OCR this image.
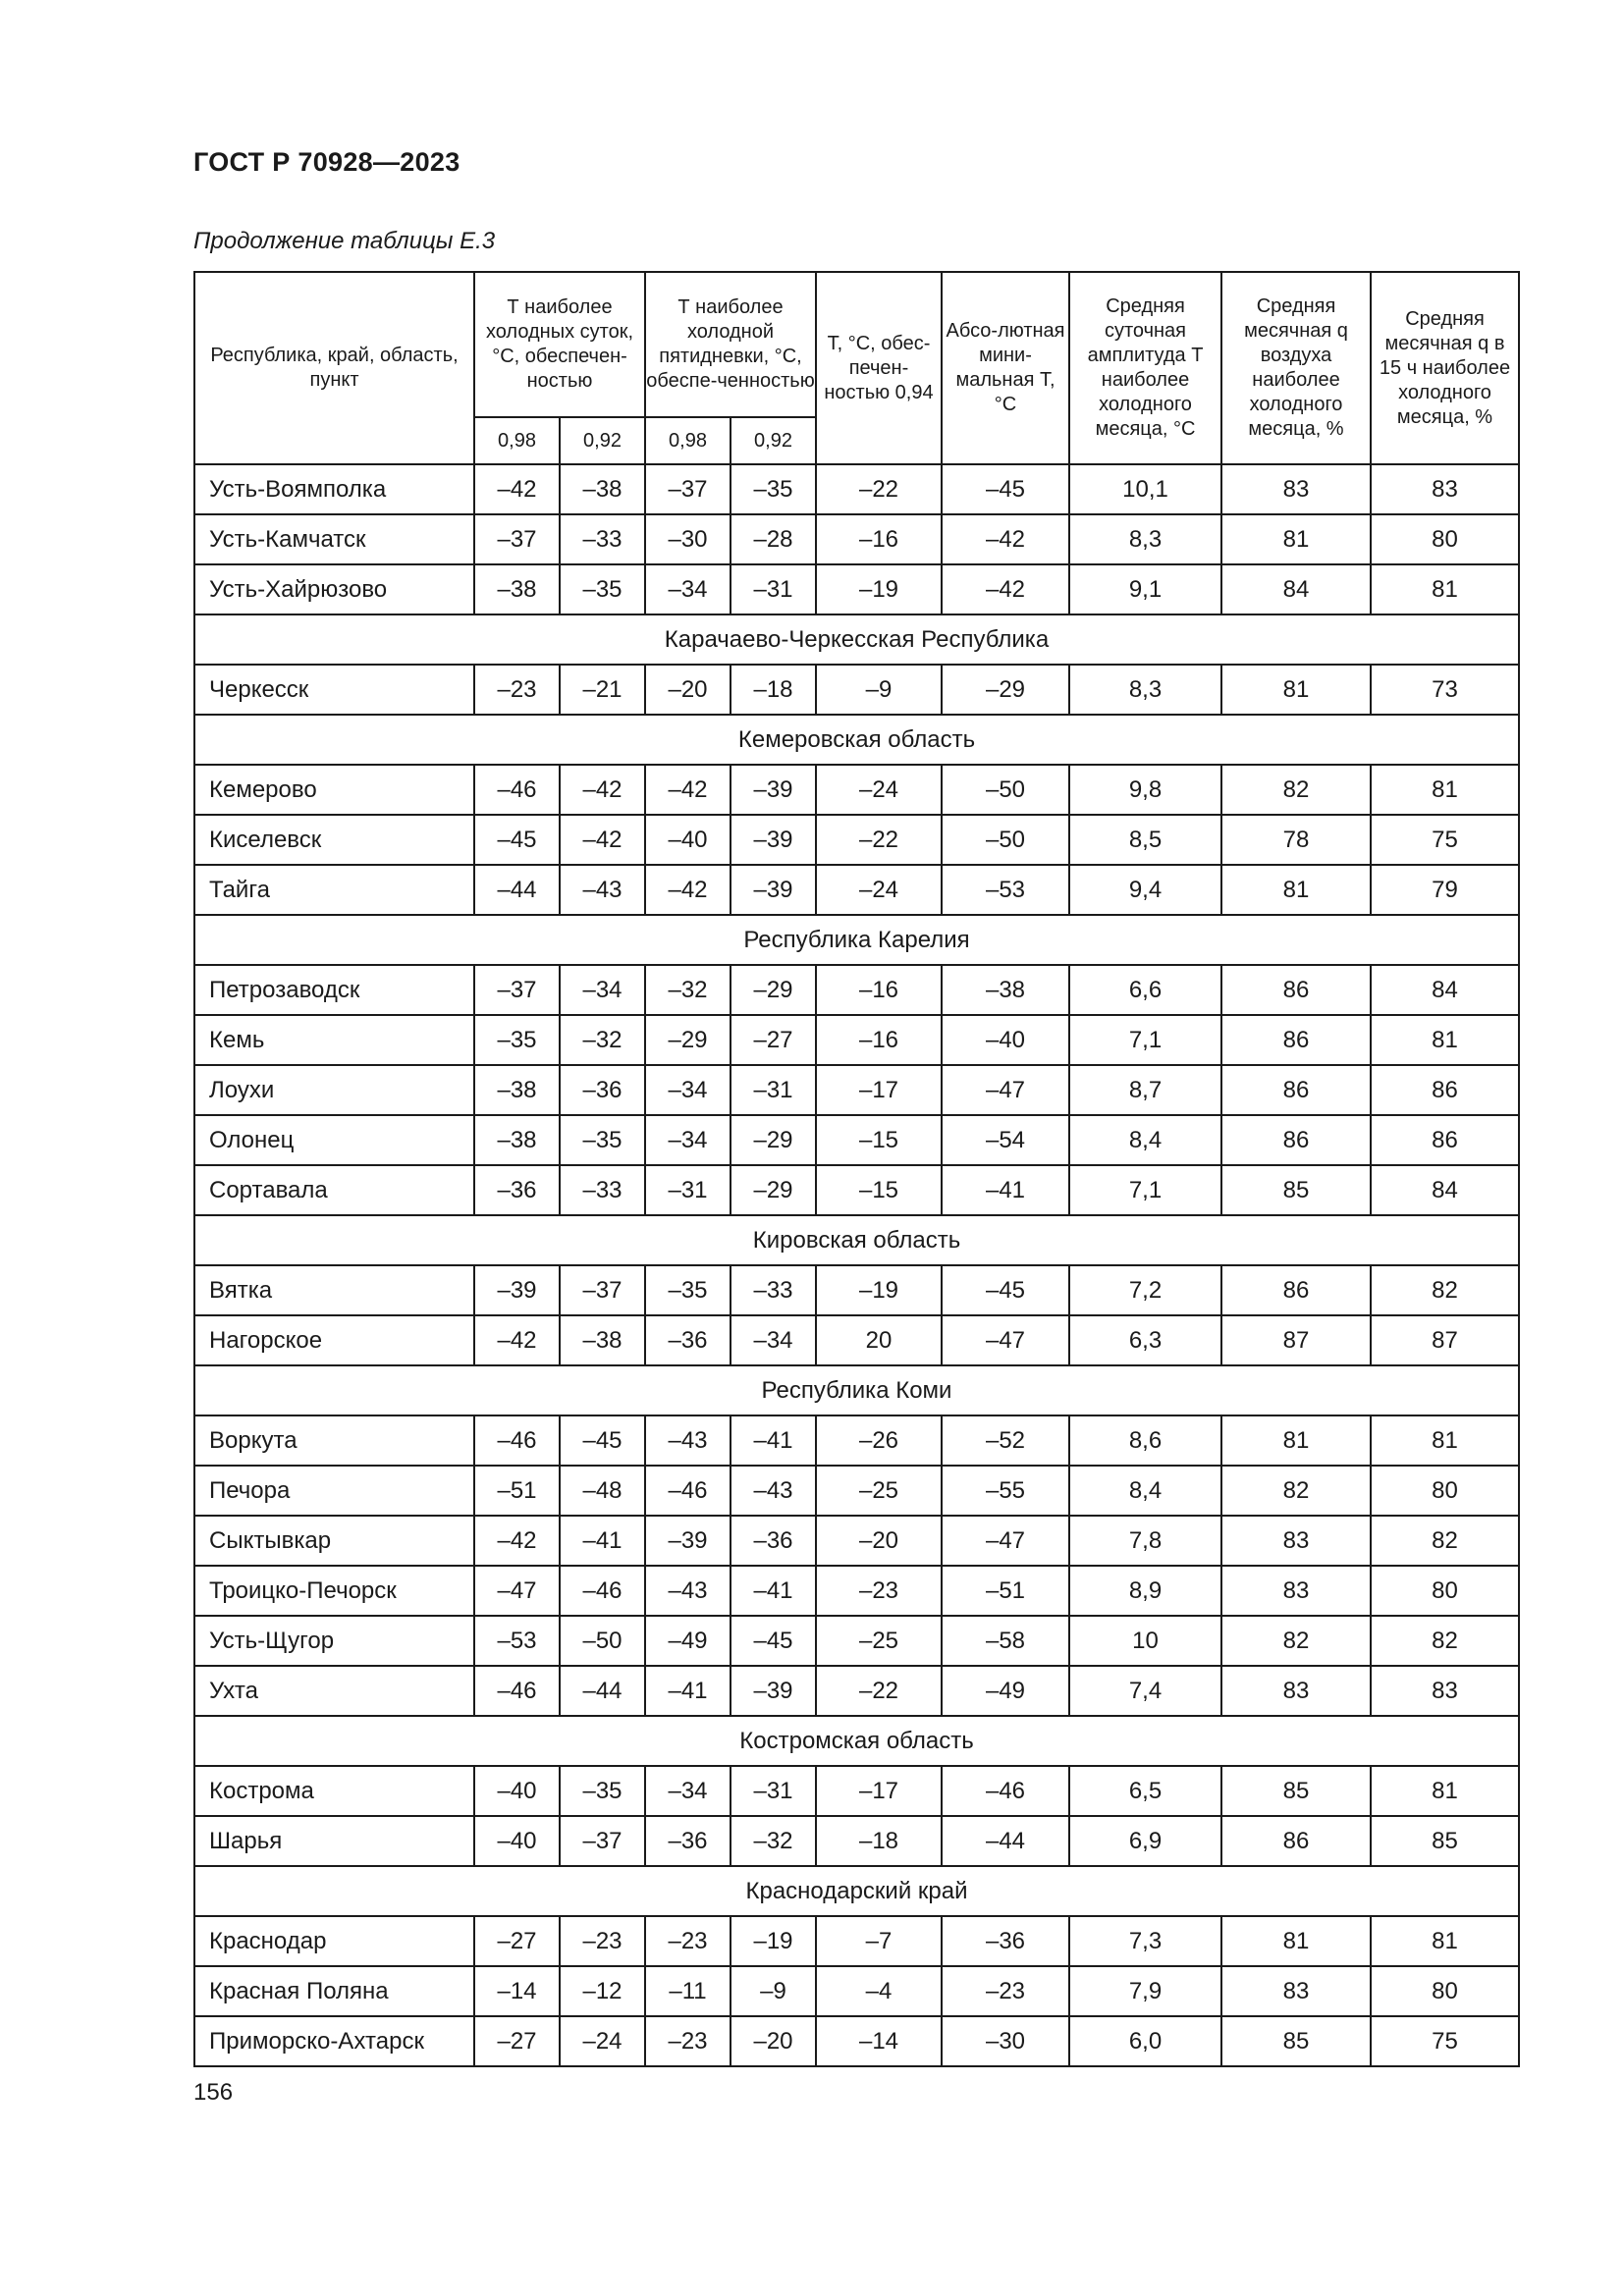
ГОСТ Р 70928—2023
Продолжение таблицы Е.3
Республика, край, область, пункт	Т наиболее холодных суток, °С, обеспечен-ностью		Т наиболее холодной пятидневки, °С, обеспе-ченностью		Т, °С, обес-печен-ностью 0,94	Абсо-лютная мини-мальная Т, °С	Средняя суточная амплитуда Т наиболее холодного месяца, °С	Средняя месячная q воздуха наиболее холодного месяца, %	Средняя месячная q в 15 ч наиболее холодного месяца, %
	0,98	0,92	0,98	0,92					
Усть-Воямполка	–42	–38	–37	–35	–22	–45	10,1	83	83
Усть-Камчатск	–37	–33	–30	–28	–16	–42	8,3	81	80
Усть-Хайрюзово	–38	–35	–34	–31	–19	–42	9,1	84	81
Карачаево-Черкесская Республика									
Черкесск	–23	–21	–20	–18	–9	–29	8,3	81	73
Кемеровская область									
Кемерово	–46	–42	–42	–39	–24	–50	9,8	82	81
Киселевск	–45	–42	–40	–39	–22	–50	8,5	78	75
Тайга	–44	–43	–42	–39	–24	–53	9,4	81	79
Республика Карелия									
Петрозаводск	–37	–34	–32	–29	–16	–38	6,6	86	84
Кемь	–35	–32	–29	–27	–16	–40	7,1	86	81
Лоухи	–38	–36	–34	–31	–17	–47	8,7	86	86
Олонец	–38	–35	–34	–29	–15	–54	8,4	86	86
Сортавала	–36	–33	–31	–29	–15	–41	7,1	85	84
Кировская область									
Вятка	–39	–37	–35	–33	–19	–45	7,2	86	82
Нагорское	–42	–38	–36	–34	20	–47	6,3	87	87
Республика Коми									
Воркута	–46	–45	–43	–41	–26	–52	8,6	81	81
Печора	–51	–48	–46	–43	–25	–55	8,4	82	80
Сыктывкар	–42	–41	–39	–36	–20	–47	7,8	83	82
Троицко-Печорск	–47	–46	–43	–41	–23	–51	8,9	83	80
Усть-Щугор	–53	–50	–49	–45	–25	–58	10	82	82
Ухта	–46	–44	–41	–39	–22	–49	7,4	83	83
Костромская область									
Кострома	–40	–35	–34	–31	–17	–46	6,5	85	81
Шарья	–40	–37	–36	–32	–18	–44	6,9	86	85
Краснодарский край									
Краснодар	–27	–23	–23	–19	–7	–36	7,3	81	81
Красная Поляна	–14	–12	–11	–9	–4	–23	7,9	83	80
Приморско-Ахтарск	–27	–24	–23	–20	–14	–30	6,0	85	75
156
